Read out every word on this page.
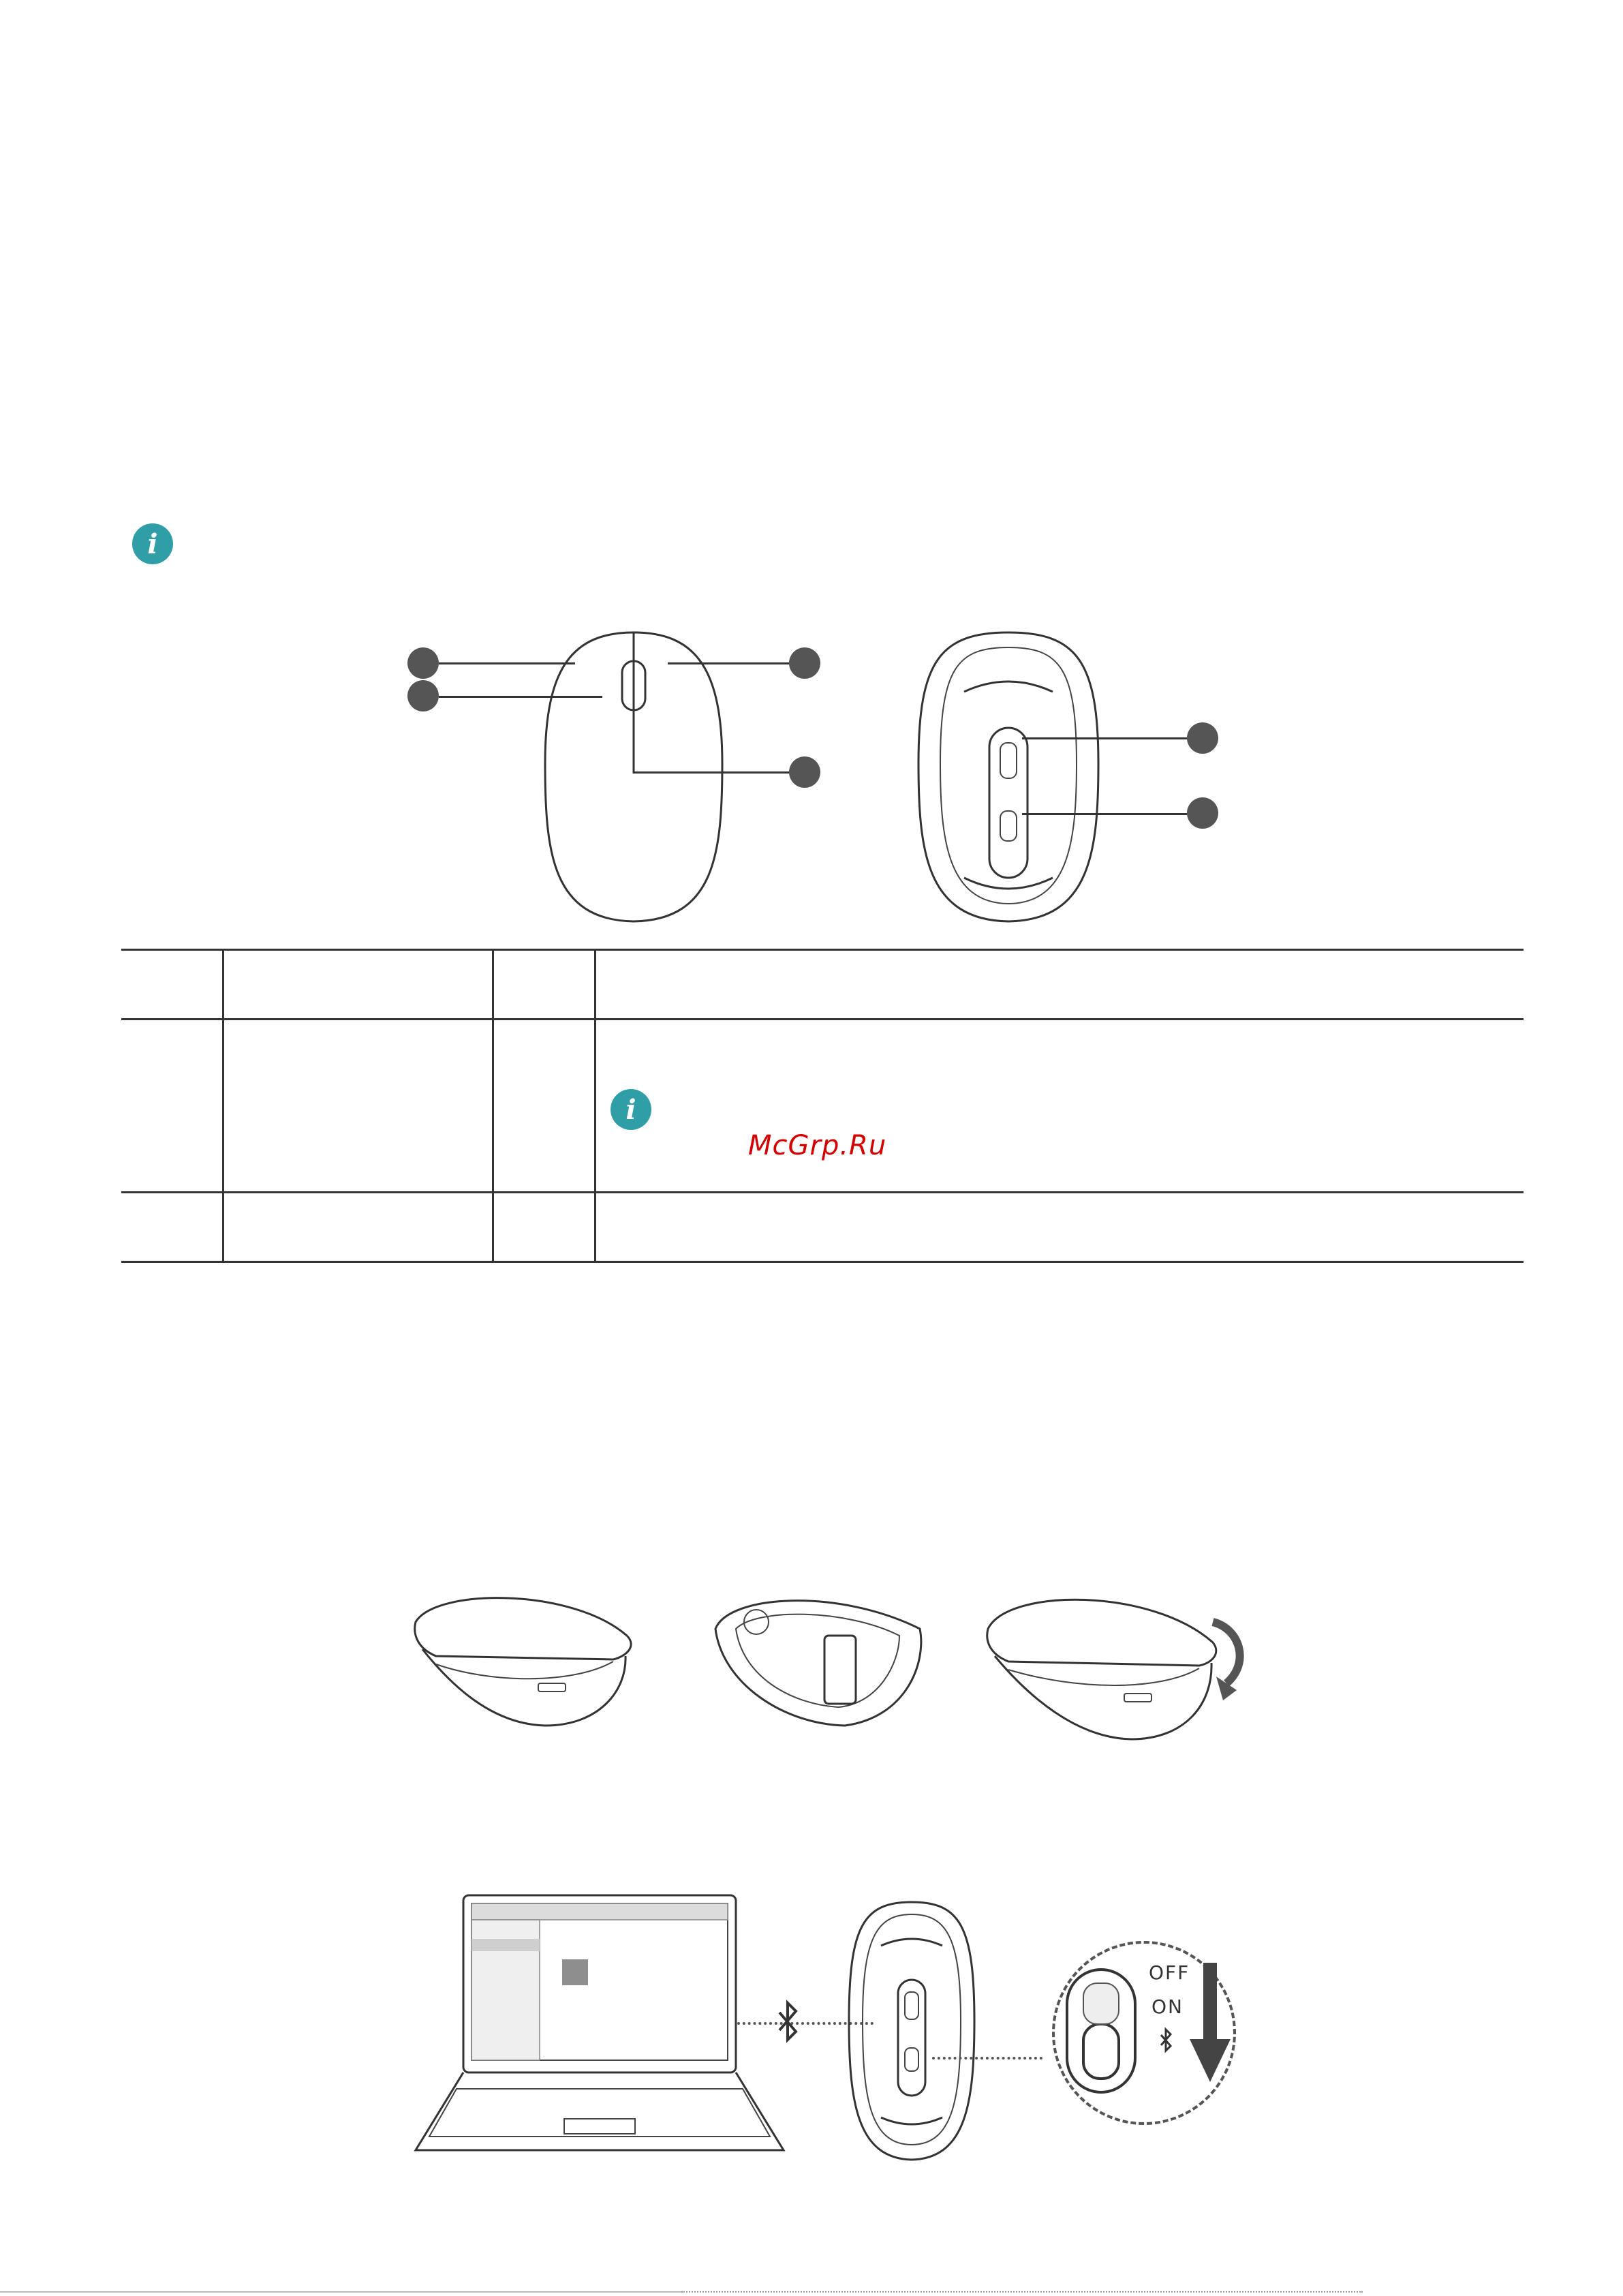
i
i
McGrp.Ru
OFF
ON
